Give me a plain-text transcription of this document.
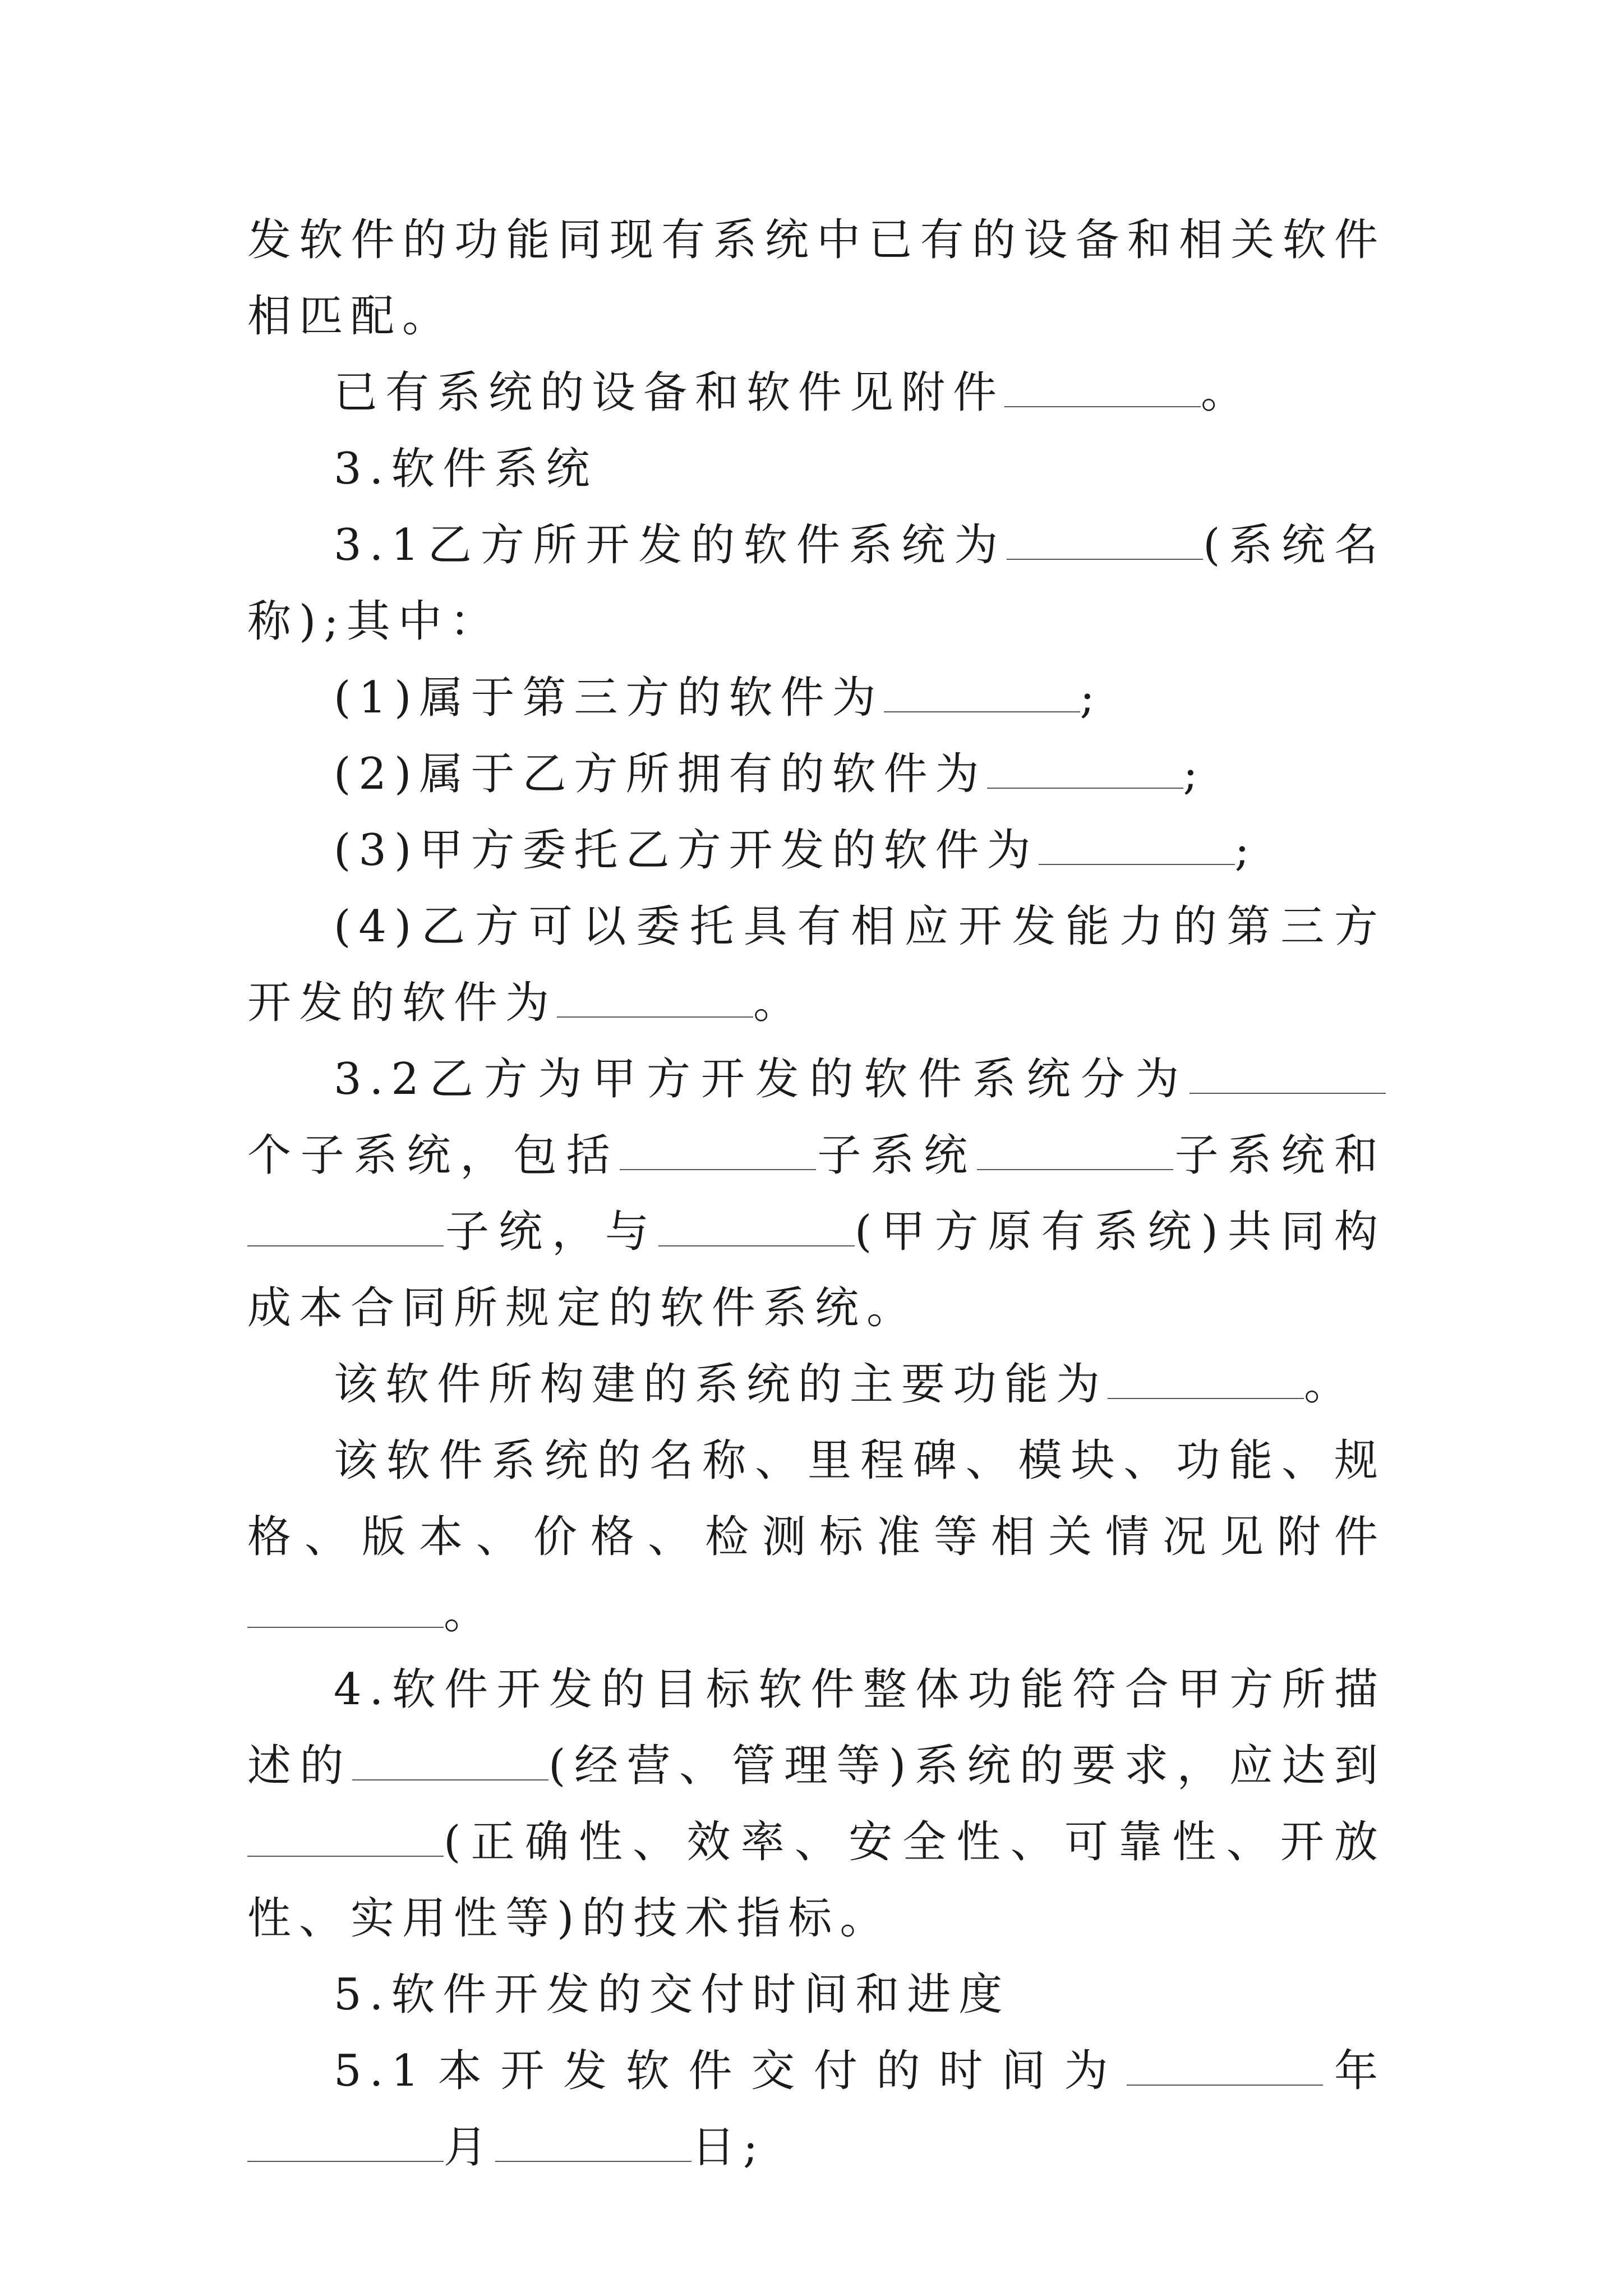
发软件的功能同现有系统中已有的设备和相关软件相匹配。

已有系统的设备和软件见附件	。

3.软件系统

3.1乙方所开发的软件系统为	(系统名称);其中：

(1)属于第三方的软件为	;

(2)属于乙方所拥有的软件为	;

(3)甲方委托乙方开发的软件为	;

(4)乙方可以委托具有相应开发能力的第三方开发的软件为	。

3.2乙方为甲方开发的软件系统分为个子系统，包括	子系统	子系统和子统，与	(甲方原有系统)共同构成本合同所规定的软件系统。

该软件所构建的系统的主要功能为	。

该软件系统的名称、里程碑、模块、功能、规格、版本、价格、检测标准等相关情况见附件。

4.软件开发的目标软件整体功能符合甲方所描述的	(经营、管理等)系统的要求，应达到(正确性、效率、安全性、可靠性、开放性、实用性等)的技术指标。

5.软件开发的交付时间和进度

5.1本开发软件交付的时间为	年月	日;
